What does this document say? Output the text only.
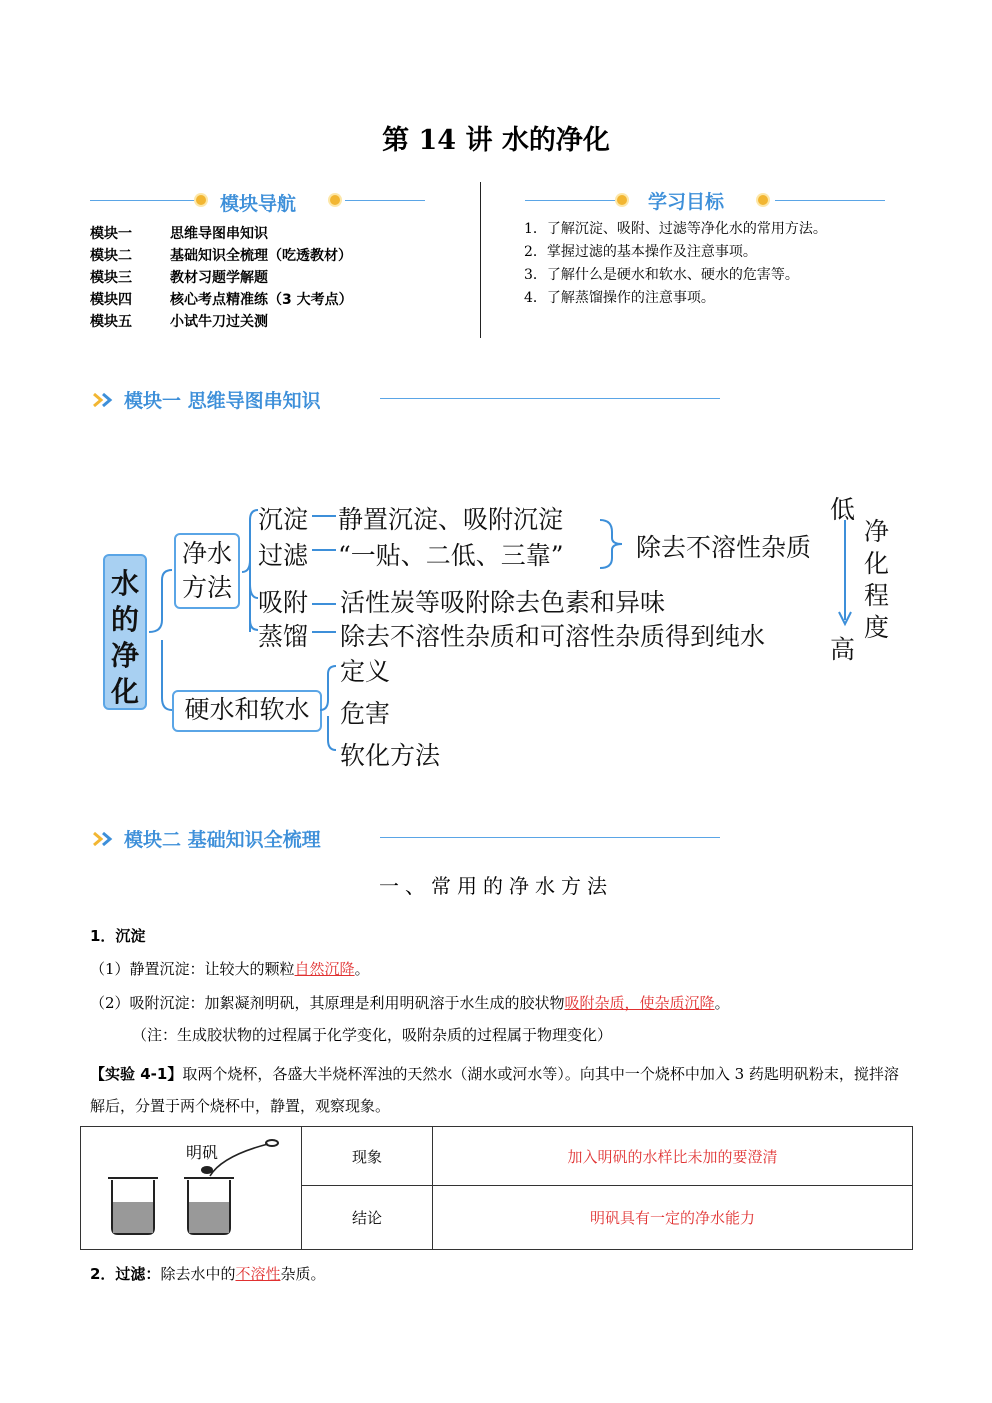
第 14 讲 水的净化
模块导航
模块一	思维导图串知识
模块二	基础知识全梳理（吃透教材）
模块三	教材习题学解题
模块四	核心考点精准练（3 大考点）
模块五	小试牛刀过关测
学习目标
1．了解沉淀、吸附、过滤等净化水的常用方法。
2．掌握过滤的基本操作及注意事项。
3．了解什么是硬水和软水、硬水的危害等。
4．了解蒸馏操作的注意事项。
模块一 思维导图串知识
水的净化
净水方法
硬水和软水
沉淀 静置沉淀、吸附沉淀
过滤 “一贴、二低、三靠”
吸附 活性炭等吸附除去色素和异味
蒸馏 除去不溶性杂质和可溶性杂质得到纯水
除去不溶性杂质
低
高
净化程度
定义
危害
软化方法
模块二 基础知识全梳理
一、常用的净水方法
1．沉淀
（1）静置沉淀：让较大的颗粒自然沉降。
（2）吸附沉淀：加絮凝剂明矾，其原理是利用明矾溶于水生成的胶状物吸附杂质，使杂质沉降。
（注：生成胶状物的过程属于化学变化，吸附杂质的过程属于物理变化）
【实验 4-1】取两个烧杯，各盛大半烧杯浑浊的天然水（湖水或河水等）。向其中一个烧杯中加入 3 药匙明矾粉末，搅拌溶解后，分置于两个烧杯中，静置，观察现象。
明矾	现象	加入明矾的水样比未加的要澄清
	结论	明矾具有一定的净水能力
2．过滤：除去水中的不溶性杂质。
